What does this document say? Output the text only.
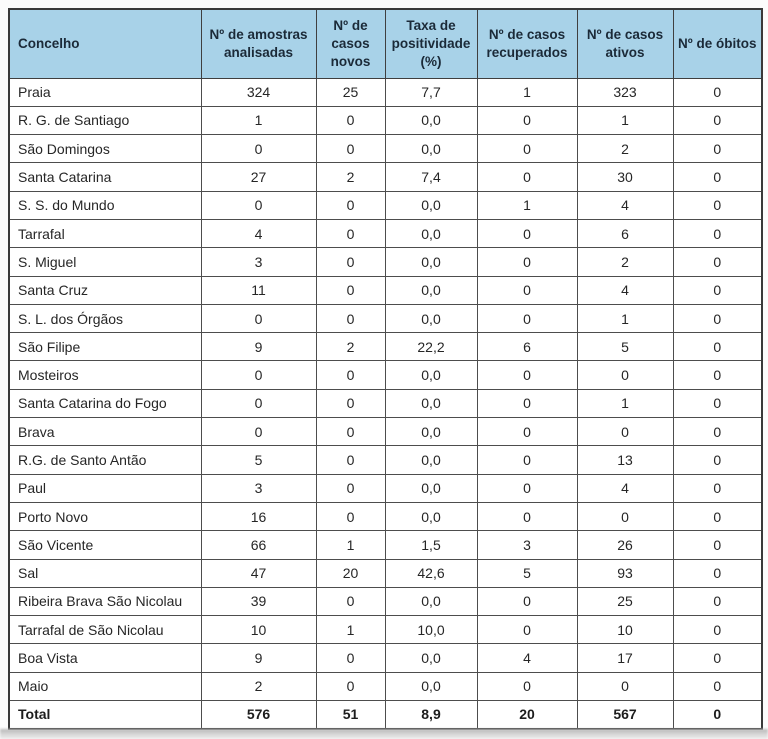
Concelho	Nº de amostras analisadas	Nº de casos novos	Taxa de positividade (%)	Nº de casos recuperados	Nº de casos ativos	Nº de óbitos
Praia	324	25	7,7	1	323	0
R. G. de Santiago	1	0	0,0	0	1	0
São Domingos	0	0	0,0	0	2	0
Santa Catarina	27	2	7,4	0	30	0
S. S. do Mundo	0	0	0,0	1	4	0
Tarrafal	4	0	0,0	0	6	0
S. Miguel	3	0	0,0	0	2	0
Santa Cruz	11	0	0,0	0	4	0
S. L. dos Órgãos	0	0	0,0	0	1	0
São Filipe	9	2	22,2	6	5	0
Mosteiros	0	0	0,0	0	0	0
Santa Catarina do Fogo	0	0	0,0	0	1	0
Brava	0	0	0,0	0	0	0
R.G. de Santo Antão	5	0	0,0	0	13	0
Paul	3	0	0,0	0	4	0
Porto Novo	16	0	0,0	0	0	0
São Vicente	66	1	1,5	3	26	0
Sal	47	20	42,6	5	93	0
Ribeira Brava São Nicolau	39	0	0,0	0	25	0
Tarrafal de São Nicolau	10	1	10,0	0	10	0
Boa Vista	9	0	0,0	4	17	0
Maio	2	0	0,0	0	0	0
Total	576	51	8,9	20	567	0
